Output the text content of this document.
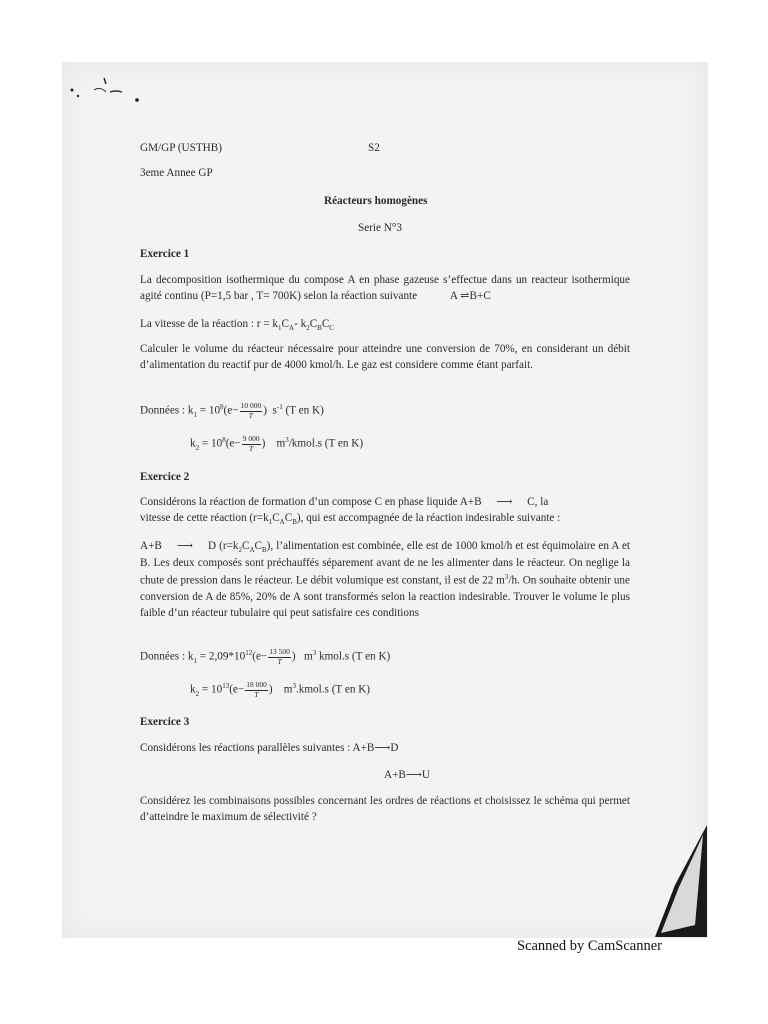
GM/GP (USTHB)	S2
3eme Annee GP
Réacteurs homogènes
Serie N°3
Exercice 1
La decomposition isothermique du compose A en phase gazeuse s’effectue dans un reacteur isothermique agité continu (P=1,5 bar , T= 700K) selon la réaction suivante	A ⇌B+C
La vitesse de la réaction : $r = k_1C_A-$ $k_2C_BC_C$
Calculer le volume du réacteur nécessaire pour atteindre une conversion de 70%, en considerant un débit d’alimentation du reactif pur de 4000 kmol/h. Le gaz est considere comme étant parfait.
Données : $k_1 = 10^8(e- \frac{10 000}{T}$ ) $s^{-1}$ (T en K)
$k_2 = 10^8(e- \frac{9 000}{T}$ ) $m^3/kmol.s$ (T en K)
Exercice 2
Considérons la réaction de formation d’un compose C en phase liquide A+B ⟶ C, la
vitesse de cette réaction $(r=k_1C_AC_B)$, qui est accompagnée de la réaction indesirable suivante :
A+B ⟶ D $(r=k_2C_AC_B)$, l’alimentation est combinée, elle est de 1000 kmol/h et est équimolaire en A et B. Les deux composés sont préchauffés séparement avant de ne les alimenter dans le réacteur. On neglige la chute de pression dans le réacteur. Le débit volumique est constant, il est de 22 $m^3/h$. On souhaite obtenir une conversion de A de 85%, 20% de A sont transformés selon la reaction indesirable. Trouver le volume le plus faible d’un réacteur tubulaire qui peut satisfaire ces conditions
Données : $k_1 = 2,09*10^{12}(e- \frac{13 500}{T}$ ) $m^3$ kmol.s (T en K)
$k_2 = 10^{13}(e- \frac{18 000}{T}$ ) $m^3.kmol.s$ (T en K)
Exercice 3
Considérons les réactions parallèles suivantes : A+B⟶D
A+B⟶U
Considérez les combinaisons possibles concernant les ordres de réactions et choisissez le schéma qui permet d’atteindre le maximum de sélectivité ?
Scanned by CamScanner
